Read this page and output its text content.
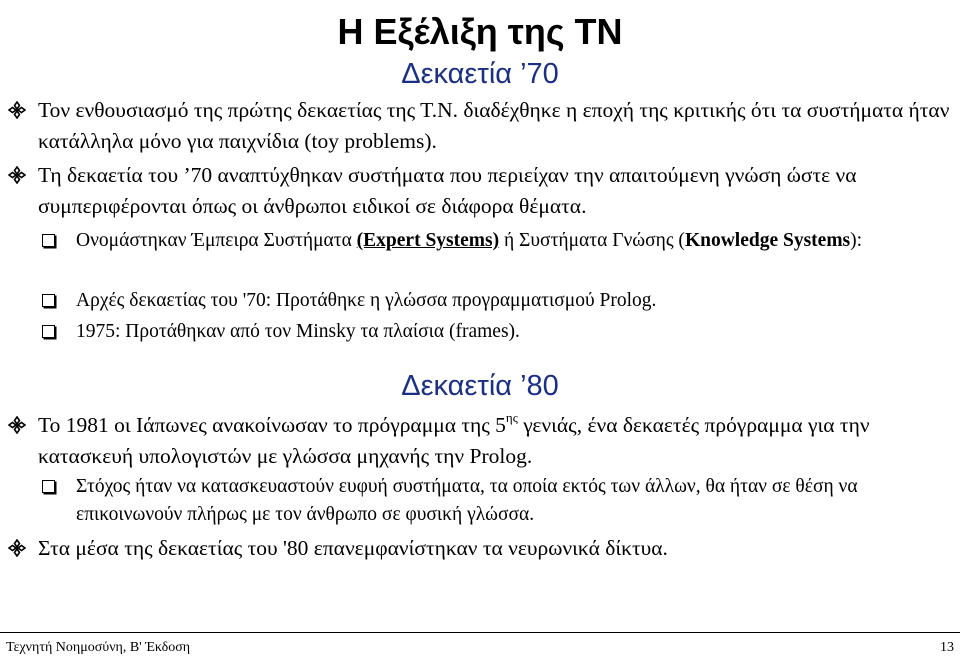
Η Εξέλιξη της ΤΝ
Δεκαετία ’70
Τον ενθουσιασμό της πρώτης δεκαετίας της Τ.Ν. διαδέχθηκε η εποχή της κριτικής ότι τα συστήματα ήταν κατάλληλα μόνο για παιχνίδια (toy problems).
Τη δεκαετία του ’70 αναπτύχθηκαν συστήματα που περιείχαν την απαιτούμενη γνώση ώστε να συμπεριφέρονται όπως οι άνθρωποι ειδικοί σε διάφορα θέματα.
Ονομάστηκαν Έμπειρα Συστήματα (Expert Systems) ή Συστήματα Γνώσης (Knowledge Systems):
Αρχές δεκαετίας του '70: Προτάθηκε η γλώσσα προγραμματισμού Prolog.
1975: Προτάθηκαν από τον Minsky τα πλαίσια (frames).
Δεκαετία ’80
Το 1981 οι Ιάπωνες ανακοίνωσαν το πρόγραμμα της $5^{\eta\varsigma}$ γενιάς, ένα δεκαετές πρόγραμμα για την κατασκευή υπολογιστών με γλώσσα μηχανής την Prolog.
Στόχος ήταν να κατασκευαστούν ευφυή συστήματα, τα οποία εκτός των άλλων, θα ήταν σε θέση να επικοινωνούν πλήρως με τον άνθρωπο σε φυσική γλώσσα.
Στα μέσα της δεκαετίας του '80 επανεμφανίστηκαν τα νευρωνικά δίκτυα.
Τεχνητή Νοημοσύνη, Β' Έκδοση	13
